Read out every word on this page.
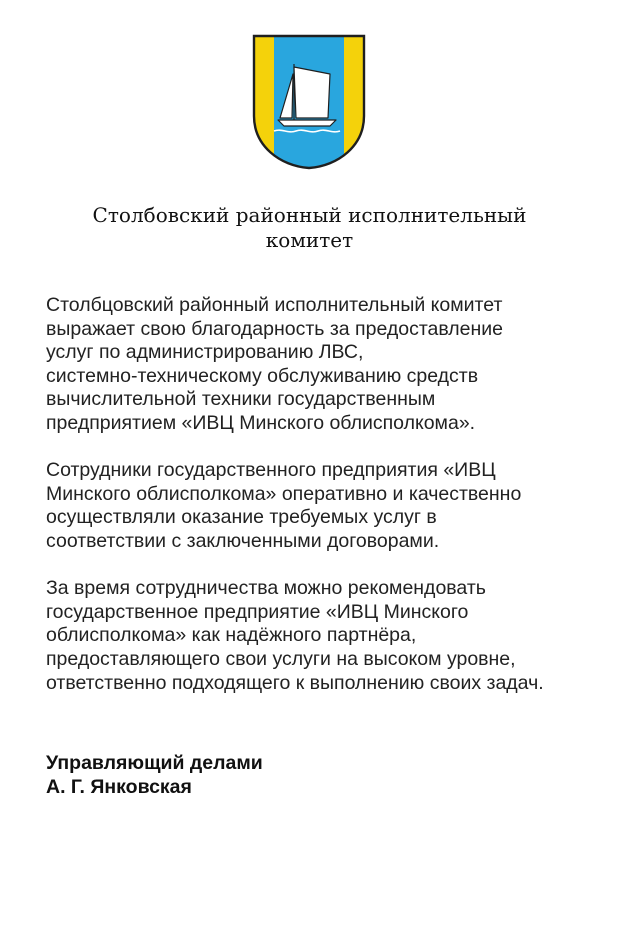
Столбовский районный исполнительный
комитет

Столбцовский районный исполнительный комитет
выражает свою благодарность за предоставление
услуг по администрированию ЛВС,
системно-техническому обслуживанию средств
вычислительной техники государственным
предприятием «ИВЦ Минского облисполкома».

Сотрудники государственного предприятия «ИВЦ
Минского облисполкома» оперативно и качественно
осуществляли оказание требуемых услуг в
соответствии с заключенными договорами.

За время сотрудничества можно рекомендовать
государственное предприятие «ИВЦ Минского
облисполкома» как надёжного партнёра,
предоставляющего свои услуги на высоком уровне,
ответственно подходящего к выполнению своих задач.

Управляющий делами
А. Г. Янковская
